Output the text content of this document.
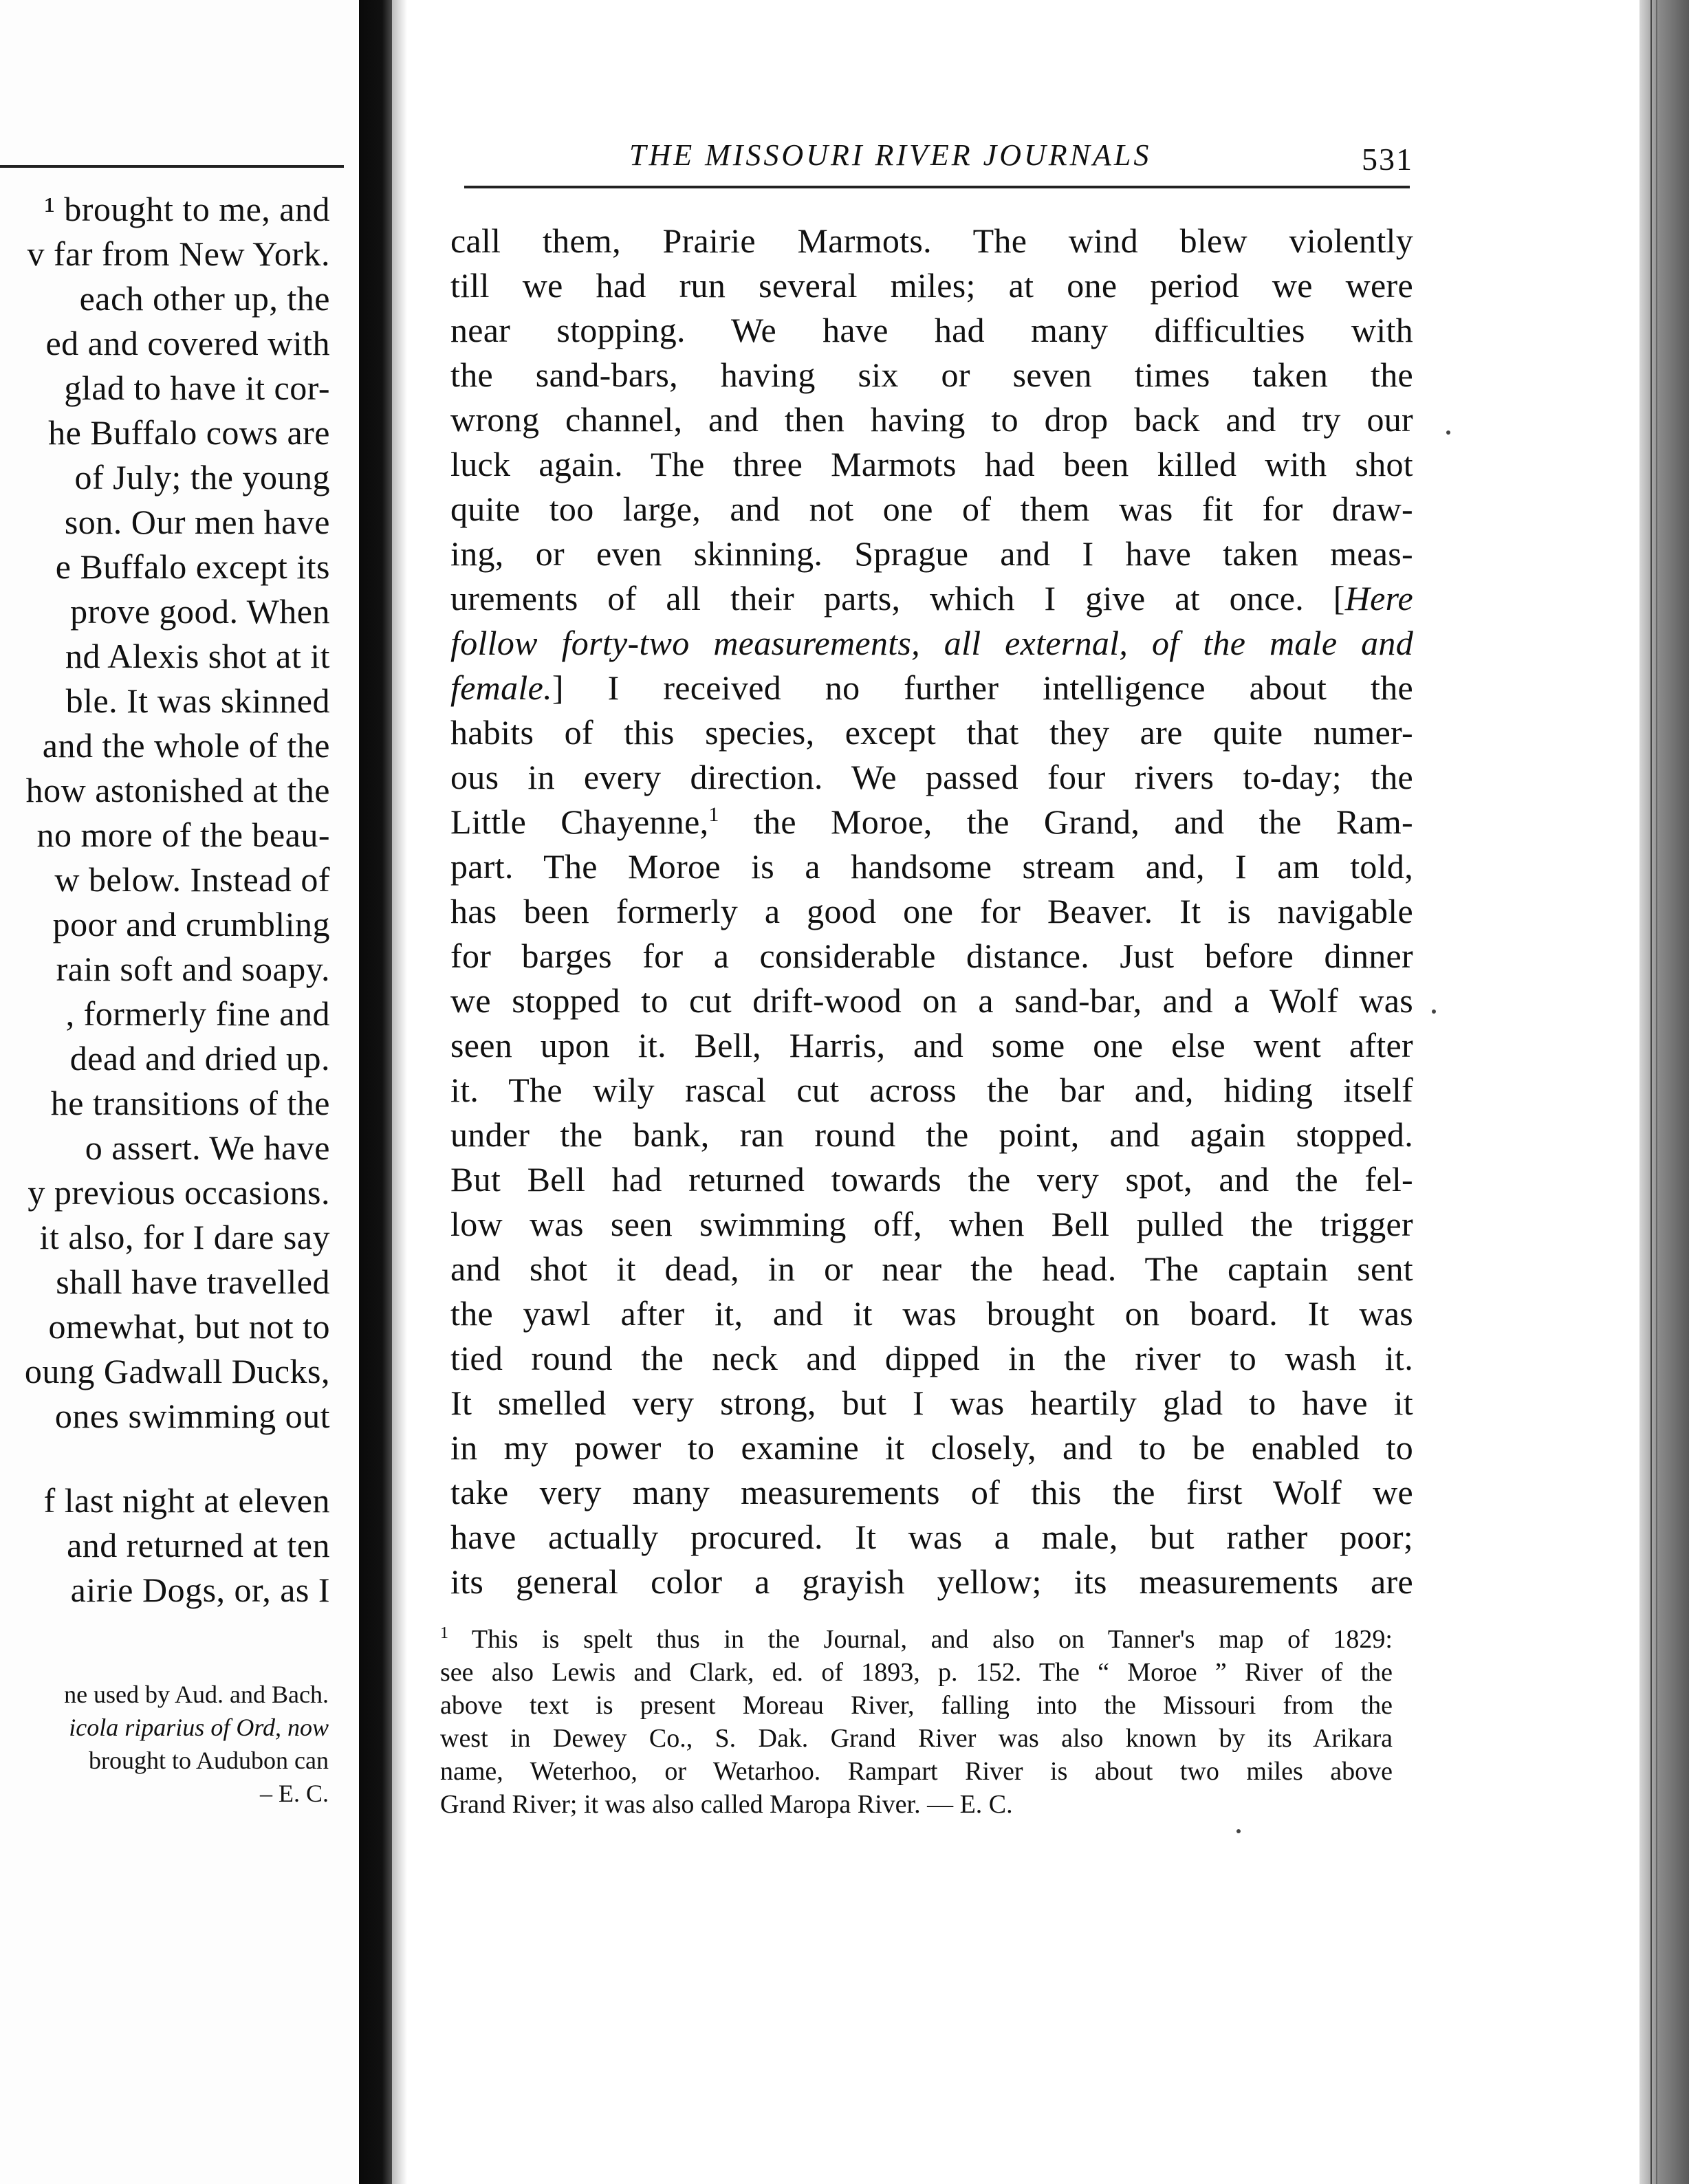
¹ brought to me, and
v far from New York.
each other up, the
ed and covered with
glad to have it cor-
he Buffalo cows are
of July; the young
son. Our men have
e Buffalo except its
prove good. When
nd Alexis shot at it
ble. It was skinned
and the whole of the
how astonished at the
no more of the beau-
w below. Instead of
poor and crumbling
rain soft and soapy.
, formerly fine and
dead and dried up.
he transitions of the
o assert. We have
y previous occasions.
it also, for I dare say
shall have travelled
omewhat, but not to
oung Gadwall Ducks,
ones swimming out
f last night at eleven
and returned at ten
airie Dogs, or, as I
ne used by Aud. and Bach.
icola riparius of Ord, now
brought to Audubon can
– E. C.
THE MISSOURI RIVER JOURNALS	531
call them, Prairie Marmots. The wind blew violently
till we had run several miles; at one period we were
near stopping. We have had many difficulties with
the sand-bars, having six or seven times taken the
wrong channel, and then having to drop back and try our
luck again. The three Marmots had been killed with shot
quite too large, and not one of them was fit for draw-
ing, or even skinning. Sprague and I have taken meas-
urements of all their parts, which I give at once. [Here
follow forty-two measurements, all external, of the male and
female.] I received no further intelligence about the
habits of this species, except that they are quite numer-
ous in every direction. We passed four rivers to-day; the
Little Chayenne,$^1$ the Moroe, the Grand, and the Ram-
part. The Moroe is a handsome stream and, I am told,
has been formerly a good one for Beaver. It is navigable
for barges for a considerable distance. Just before dinner
we stopped to cut drift-wood on a sand-bar, and a Wolf was
seen upon it. Bell, Harris, and some one else went after
it. The wily rascal cut across the bar and, hiding itself
under the bank, ran round the point, and again stopped.
But Bell had returned towards the very spot, and the fel-
low was seen swimming off, when Bell pulled the trigger
and shot it dead, in or near the head. The captain sent
the yawl after it, and it was brought on board. It was
tied round the neck and dipped in the river to wash it.
It smelled very strong, but I was heartily glad to have it
in my power to examine it closely, and to be enabled to
take very many measurements of this the first Wolf we
have actually procured. It was a male, but rather poor;
its general color a grayish yellow; its measurements are
$^1$ This is spelt thus in the Journal, and also on Tanner's map of 1829:
see also Lewis and Clark, ed. of 1893, p. 152. The “ Moroe ” River of the
above text is present Moreau River, falling into the Missouri from the
west in Dewey Co., S. Dak. Grand River was also known by its Arikara
name, Weterhoo, or Wetarhoo. Rampart River is about two miles above
Grand River; it was also called Maropa River. — E. C.
